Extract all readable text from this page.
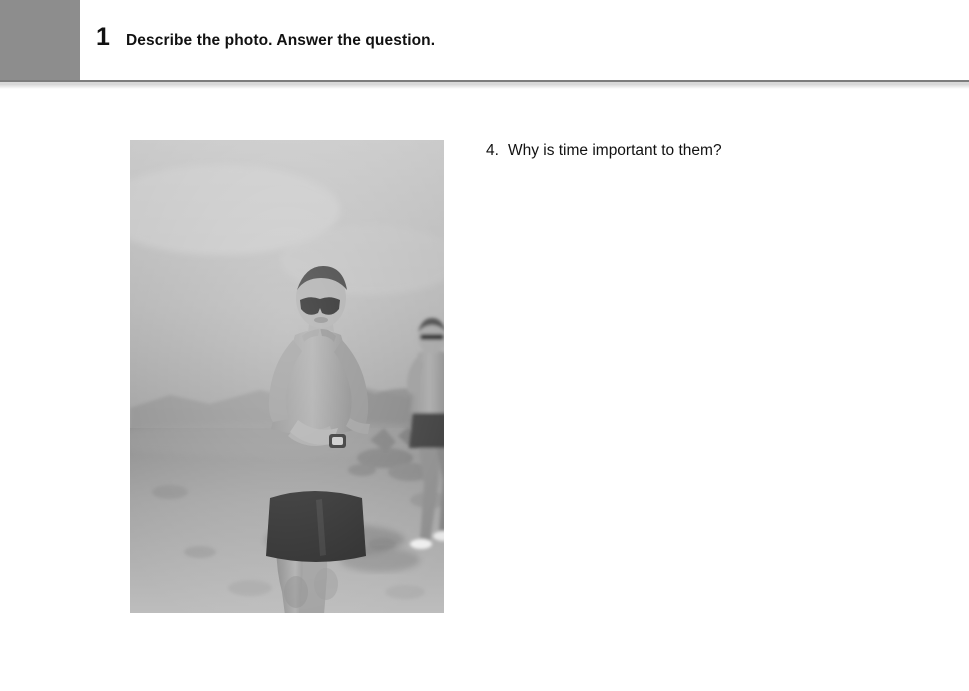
1 Describe the photo. Answer the question.
4. Why is time important to them?
